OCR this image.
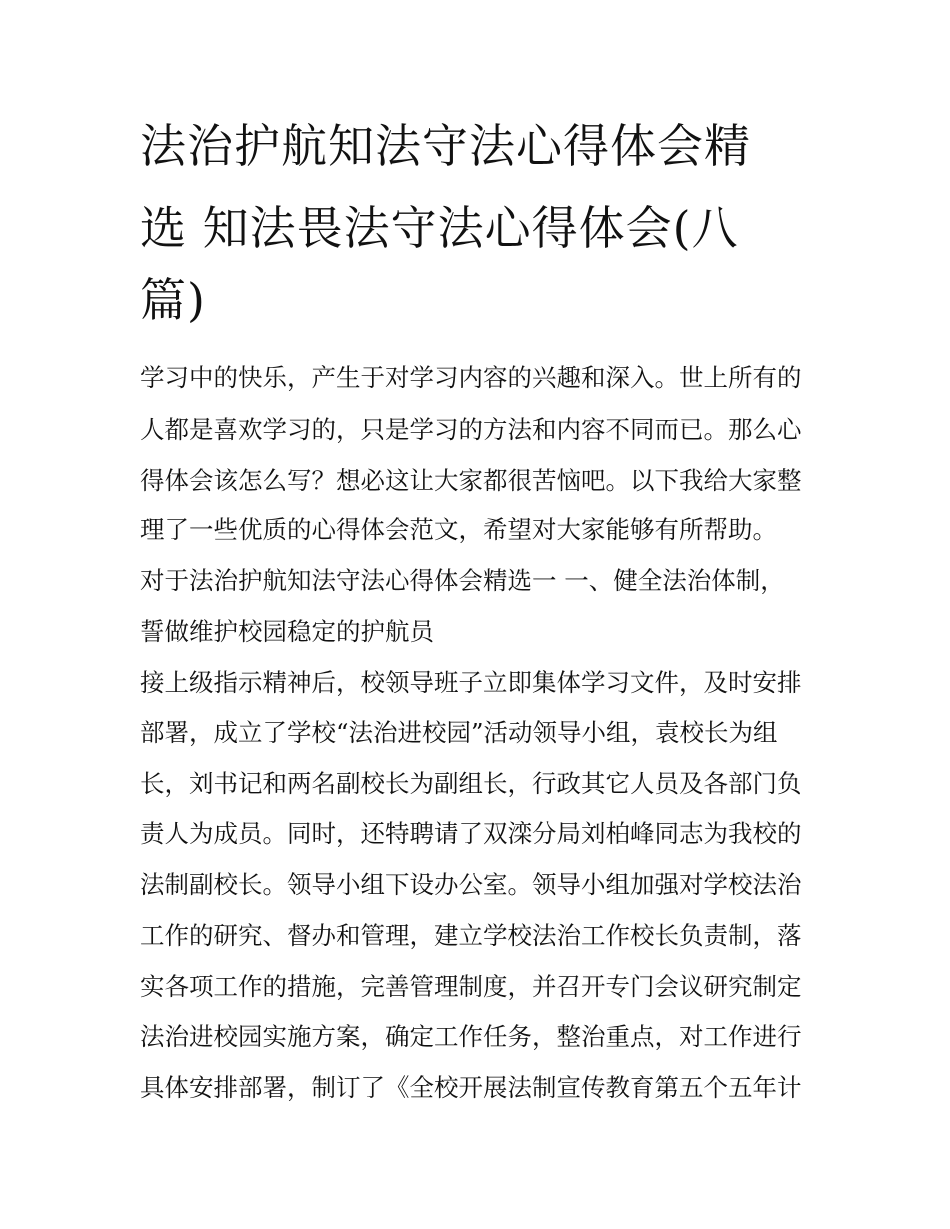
法治护航知法守法心得体会精
选 知法畏法守法心得体会(八
篇)
学习中的快乐，产生于对学习内容的兴趣和深入。世上所有的
人都是喜欢学习的，只是学习的方法和内容不同而已。那么心
得体会该怎么写？想必这让大家都很苦恼吧。以下我给大家整
理了一些优质的心得体会范文，希望对大家能够有所帮助。
对于法治护航知法守法心得体会精选一 一、健全法治体制，
誓做维护校园稳定的护航员
接上级指示精神后，校领导班子立即集体学习文件，及时安排
部署，成立了学校“法治进校园”活动领导小组，袁校长为组
长，刘书记和两名副校长为副组长，行政其它人员及各部门负
责人为成员。同时，还特聘请了双滦分局刘柏峰同志为我校的
法制副校长。领导小组下设办公室。领导小组加强对学校法治
工作的研究、督办和管理，建立学校法治工作校长负责制，落
实各项工作的措施，完善管理制度，并召开专门会议研究制定
法治进校园实施方案，确定工作任务，整治重点，对工作进行
具体安排部署，制订了《全校开展法制宣传教育第五个五年计
